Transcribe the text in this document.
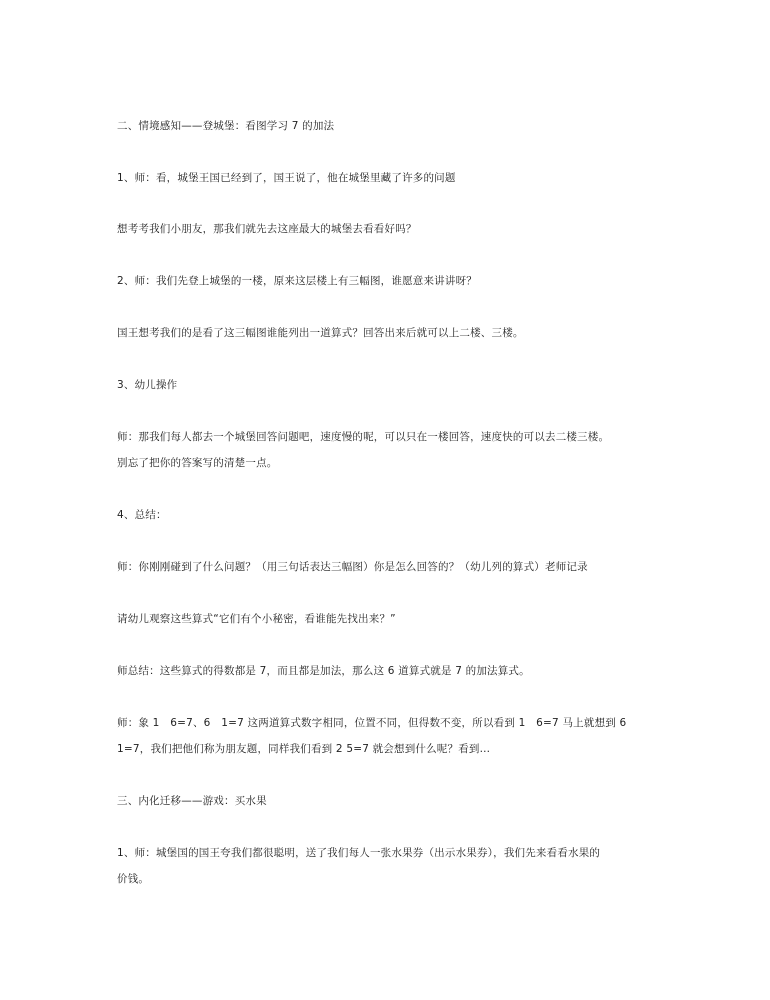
二、情境感知——登城堡：看图学习 7 的加法
1、师：看，城堡王国已经到了，国王说了，他在城堡里藏了许多的问题
想考考我们小朋友，那我们就先去这座最大的城堡去看看好吗？
2、师：我们先登上城堡的一楼，原来这层楼上有三幅图，谁愿意来讲讲呀？
国王想考我们的是看了这三幅图谁能列出一道算式？回答出来后就可以上二楼、三楼。
3、幼儿操作
师：那我们每人都去一个城堡回答问题吧，速度慢的呢，可以只在一楼回答，速度快的可以去二楼三楼。
别忘了把你的答案写的清楚一点。
4、总结：
师：你刚刚碰到了什么问题？（用三句话表达三幅图）你是怎么回答的？（幼儿列的算式）老师记录
请幼儿观察这些算式“它们有个小秘密，看谁能先找出来？”
师总结：这些算式的得数都是 7，而且都是加法，那么这 6 道算式就是 7 的加法算式。
师：象 1　6=7、6　1=7 这两道算式数字相同，位置不同，但得数不变，所以看到 1　6=7 马上就想到 6
1=7，我们把他们称为朋友题，同样我们看到 2 5=7 就会想到什么呢？看到...
三、内化迁移——游戏：买水果
1、师：城堡国的国王夸我们都很聪明，送了我们每人一张水果券（出示水果券），我们先来看看水果的
价钱。
